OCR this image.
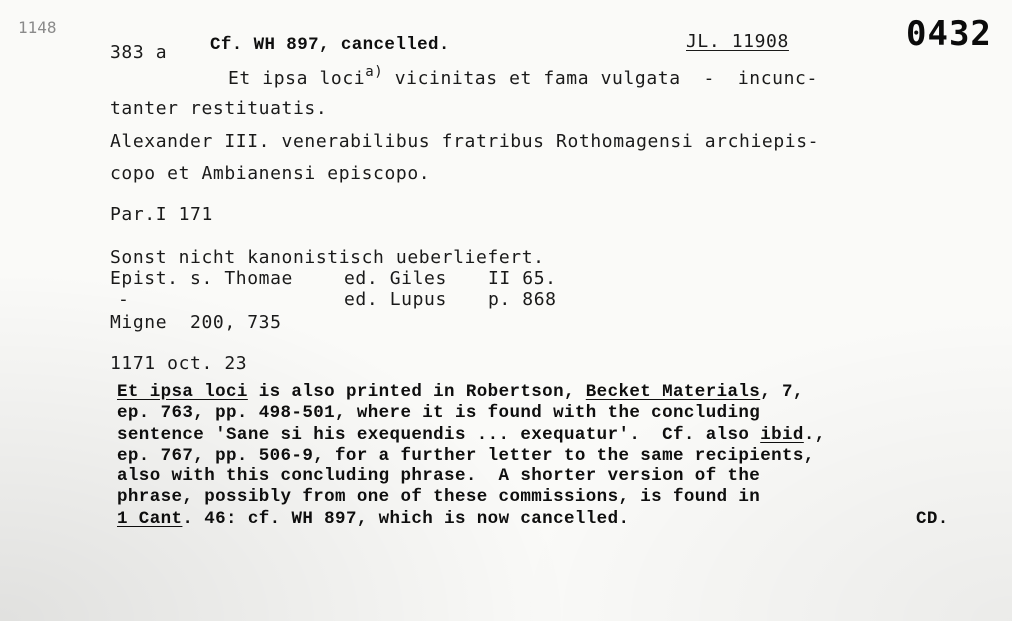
1148
383 a Cf. WH 897, cancelled.	JL. 11908	0432
Et ipsa loci$^{a)}$ vicinitas et fama vulgata  -  incunc-
tanter restituatis.
Alexander III. venerabilibus fratribus Rothomagensi archiepis-
copo et Ambianensi episcopo.
Par.I 171
Sonst nicht kanonistisch ueberliefert.
Epist. s. Thomae	ed. Giles II 65.
-	ed. Lupus p. 868
Migne  200, 735
1171 oct. 23
Et ipsa loci is also printed in Robertson, Becket Materials, 7,
ep. 763, pp. 498-501, where it is found with the concluding
sentence 'Sane si his exequendis ... exequatur'.  Cf. also ibid.,
ep. 767, pp. 506-9, for a further letter to the same recipients,
also with this concluding phrase.  A shorter version of the
phrase, possibly from one of these commissions, is found in
1 Cant. 46: cf. WH 897, which is now cancelled.	CD.
